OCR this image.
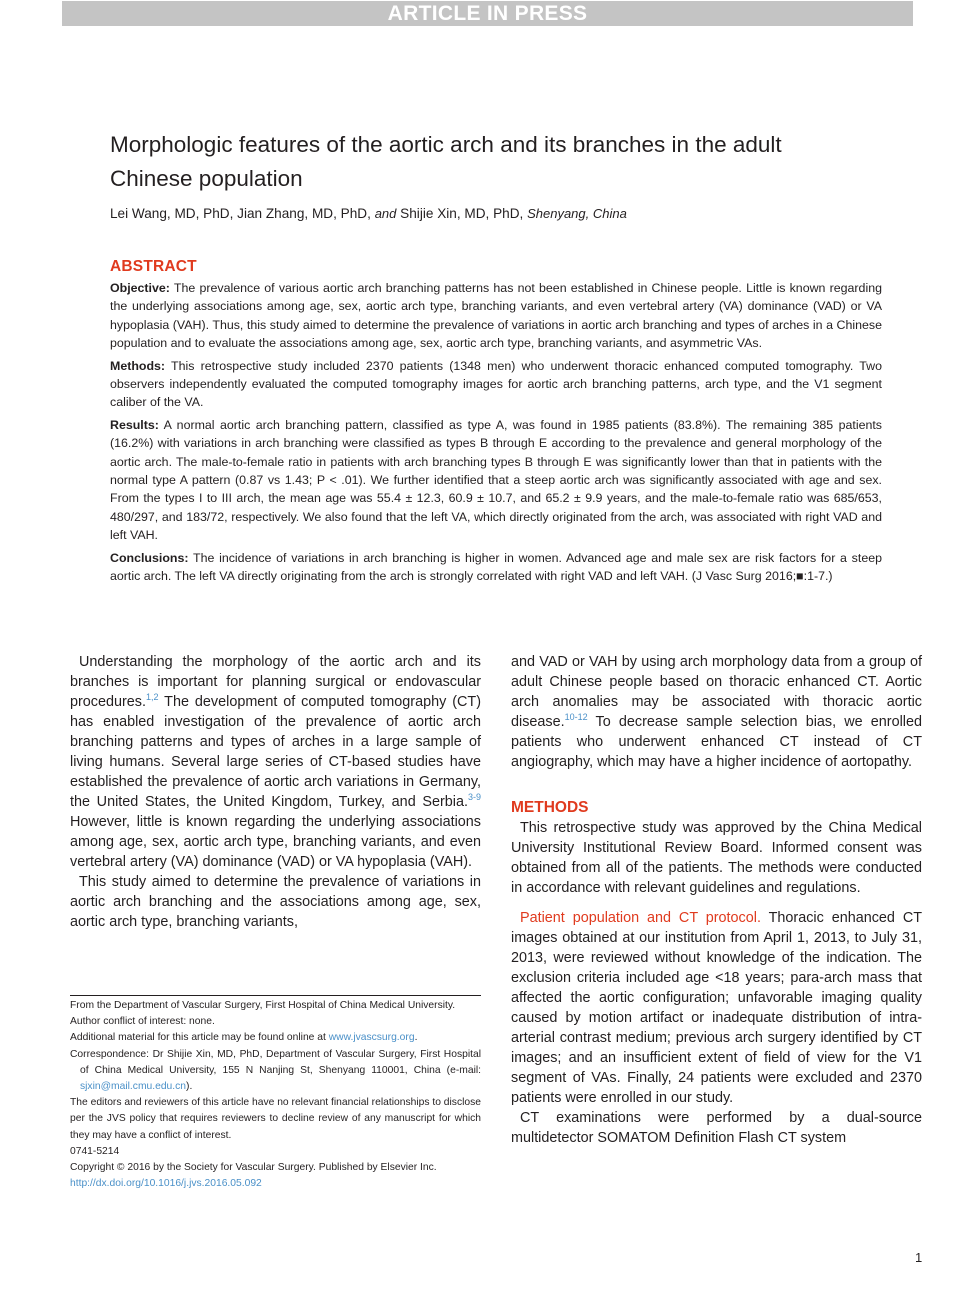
ARTICLE IN PRESS
Morphologic features of the aortic arch and its branches in the adult Chinese population
Lei Wang, MD, PhD, Jian Zhang, MD, PhD, and Shijie Xin, MD, PhD, Shenyang, China
ABSTRACT

Objective: The prevalence of various aortic arch branching patterns has not been established in Chinese people. Little is known regarding the underlying associations among age, sex, aortic arch type, branching variants, and even vertebral artery (VA) dominance (VAD) or VA hypoplasia (VAH). Thus, this study aimed to determine the prevalence of variations in aortic arch branching and types of arches in a Chinese population and to evaluate the associations among age, sex, aortic arch type, branching variants, and asymmetric VAs.

Methods: This retrospective study included 2370 patients (1348 men) who underwent thoracic enhanced computed tomography. Two observers independently evaluated the computed tomography images for aortic arch branching patterns, arch type, and the V1 segment caliber of the VA.

Results: A normal aortic arch branching pattern, classified as type A, was found in 1985 patients (83.8%). The remaining 385 patients (16.2%) with variations in arch branching were classified as types B through E according to the prevalence and general morphology of the aortic arch. The male-to-female ratio in patients with arch branching types B through E was significantly lower than that in patients with the normal type A pattern (0.87 vs 1.43; P < .01). We further identified that a steep aortic arch was significantly associated with age and sex. From the types I to III arch, the mean age was 55.4 ± 12.3, 60.9 ± 10.7, and 65.2 ± 9.9 years, and the male-to-female ratio was 685/653, 480/297, and 183/72, respectively. We also found that the left VA, which directly originated from the arch, was associated with right VAD and left VAH.

Conclusions: The incidence of variations in arch branching is higher in women. Advanced age and male sex are risk factors for a steep aortic arch. The left VA directly originating from the arch is strongly correlated with right VAD and left VAH. (J Vasc Surg 2016;■:1-7.)

Understanding the morphology of the aortic arch and its branches is important for planning surgical or endovascular procedures.$^{1,2}$ The development of computed tomography (CT) has enabled investigation of the prevalence of aortic arch branching patterns and types of arches in a large sample of living humans. Several large series of CT-based studies have established the prevalence of aortic arch variations in Germany, the United States, the United Kingdom, Turkey, and Serbia.$^{3-9}$ However, little is known regarding the underlying associations among age, sex, aortic arch type, branching variants, and even vertebral artery (VA) dominance (VAD) or VA hypoplasia (VAH).

This study aimed to determine the prevalence of variations in aortic arch branching and the associations among age, sex, aortic arch type, branching variants,

From the Department of Vascular Surgery, First Hospital of China Medical University.

Author conflict of interest: none.

Additional material for this article may be found online at www.jvascsurg.org.

Correspondence: Dr Shijie Xin, MD, PhD, Department of Vascular Surgery, First Hospital of China Medical University, 155 N Nanjing St, Shenyang 110001, China (e-mail: sjxin@mail.cmu.edu.cn).

The editors and reviewers of this article have no relevant financial relationships to disclose per the JVS policy that requires reviewers to decline review of any manuscript for which they may have a conflict of interest.

0741-5214

Copyright © 2016 by the Society for Vascular Surgery. Published by Elsevier Inc.

http://dx.doi.org/10.1016/j.jvs.2016.05.092

and VAD or VAH by using arch morphology data from a group of adult Chinese people based on thoracic enhanced CT. Aortic arch anomalies may be associated with thoracic aortic disease.$^{10-12}$ To decrease sample selection bias, we enrolled patients who underwent enhanced CT instead of CT angiography, which may have a higher incidence of aortopathy.

METHODS

This retrospective study was approved by the China Medical University Institutional Review Board. Informed consent was obtained from all of the patients. The methods were conducted in accordance with relevant guidelines and regulations.

Patient population and CT protocol. Thoracic enhanced CT images obtained at our institution from April 1, 2013, to July 31, 2013, were reviewed without knowledge of the indication. The exclusion criteria included age <18 years; para-arch mass that affected the aortic configuration; unfavorable imaging quality caused by motion artifact or inadequate distribution of intra-arterial contrast medium; previous arch surgery identified by CT images; and an insufficient extent of field of view for the V1 segment of VAs. Finally, 24 patients were excluded and 2370 patients were enrolled in our study.

CT examinations were performed by a dual-source multidetector SOMATOM Definition Flash CT system

1
